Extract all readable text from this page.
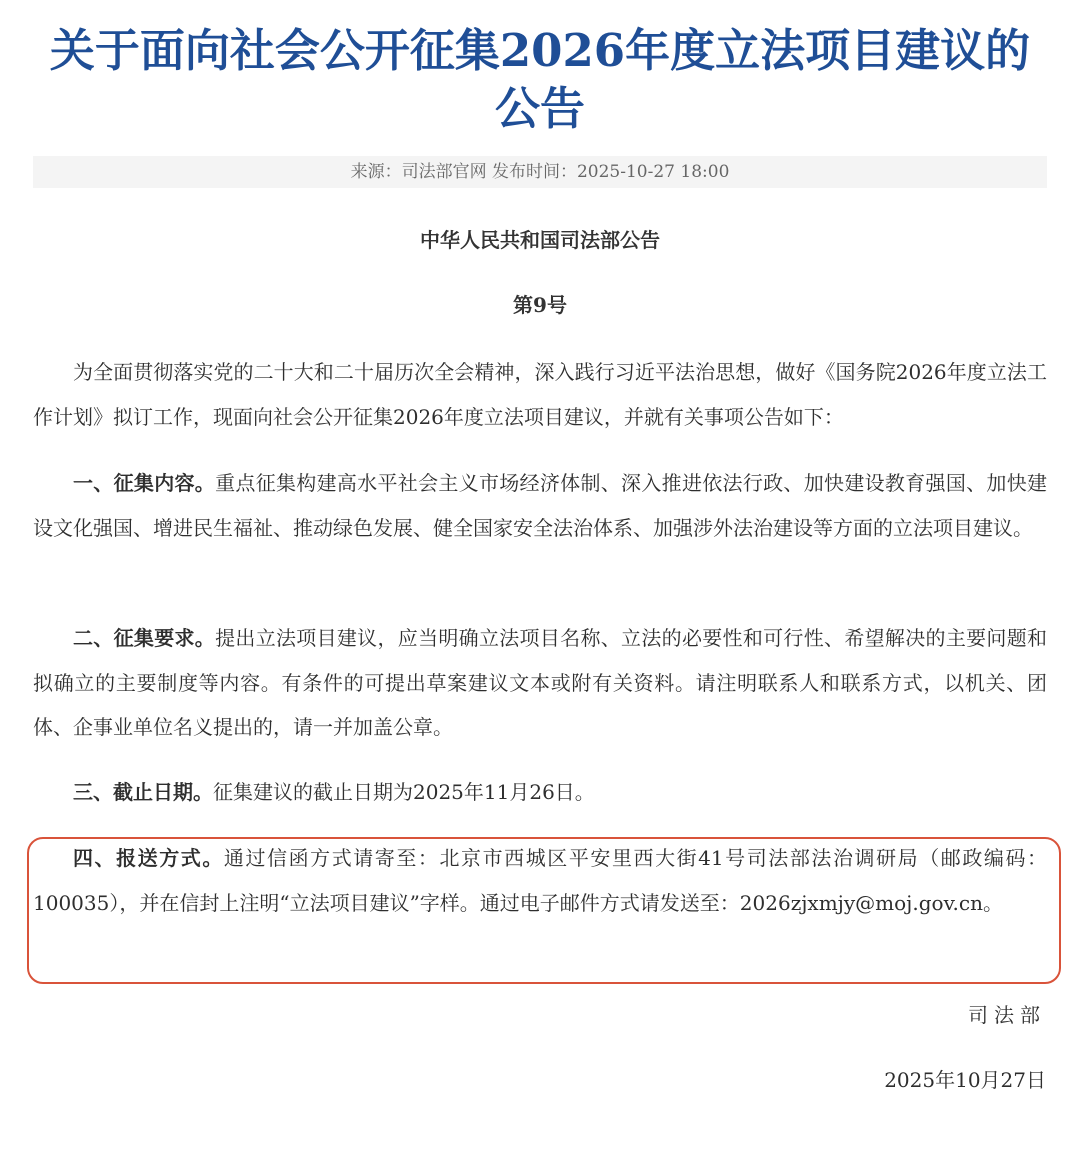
关于面向社会公开征集2026年度立法项目建议的公告
来源：司法部官网 发布时间：2025-10-27 18:00
中华人民共和国司法部公告
第9号

为全面贯彻落实党的二十大和二十届历次全会精神，深入践行习近平法治思想，做好《国务院2026年度立法工作计划》拟订工作，现面向社会公开征集2026年度立法项目建议，并就有关事项公告如下：

一、征集内容。重点征集构建高水平社会主义市场经济体制、深入推进依法行政、加快建设教育强国、加快建设文化强国、增进民生福祉、推动绿色发展、健全国家安全法治体系、加强涉外法治建设等方面的立法项目建议。

二、征集要求。提出立法项目建议，应当明确立法项目名称、立法的必要性和可行性、希望解决的主要问题和拟确立的主要制度等内容。有条件的可提出草案建议文本或附有关资料。请注明联系人和联系方式，以机关、团体、企事业单位名义提出的，请一并加盖公章。

三、截止日期。征集建议的截止日期为2025年11月26日。

四、报送方式。通过信函方式请寄至：北京市西城区平安里西大街41号司法部法治调研局（邮政编码：100035），并在信封上注明“立法项目建议”字样。通过电子邮件方式请发送至：2026zjxmjy@moj.gov.cn。

司法部
2025年10月27日
